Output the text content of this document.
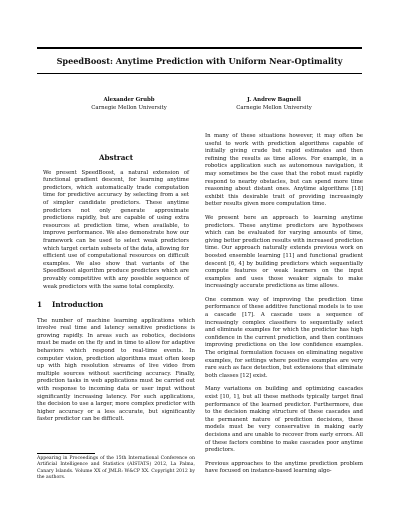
SpeedBoost: Anytime Prediction with Uniform Near-Optimality
Alexander Grubb
Carnegie Mellon University
J. Andrew Bagnell
Carnegie Mellon University
Abstract

We present SpeedBoost, a natural extension of functional gradient descent, for learning anytime predictors, which automatically trade computation time for predictive accuracy by selecting from a set of simpler candidate predictors. These anytime predictors not only generate approximate predictions rapidly, but are capable of using extra resources at prediction time, when available, to improve performance. We also demonstrate how our framework can be used to select weak predictors which target certain subsets of the data, allowing for efficient use of computational resources on difficult examples. We also show that variants of the SpeedBoost algorithm produce predictors which are provably competitive with any possible sequence of weak predictors with the same total complexity.

1 Introduction

The number of machine learning applications which involve real time and latency sensitive predictions is growing rapidly. In areas such as robotics, decisions must be made on the fly and in time to allow for adaptive behaviors which respond to real-time events. In computer vision, prediction algorithms must often keep up with high resolution streams of live video from multiple sources without sacrificing accuracy. Finally, prediction tasks in web applications must be carried out with response to incoming data or user input without significantly increasing latency. For such applications, the decision to use a larger, more complex predictor with higher accuracy or a less accurate, but significantly faster predictor can be difficult.

In many of these situations however, it may often be useful to work with prediction algorithms capable of initially giving crude but rapid estimates and then refining the results as time allows. For example, in a robotics application such as autonomous navigation, it may sometimes be the case that the robot must rapidly respond to nearby obstacles, but can spend more time reasoning about distant ones. Anytime algorithms [18] exhibit this desirable trait of providing increasingly better results given more computation time.

We present here an approach to learning anytime predictors. These anytime predictors are hypotheses which can be evaluated for varying amounts of time, giving better prediction results with increased prediction time. Our approach naturally extends previous work on boosted ensemble learning [11] and functional gradient descent [6, 4] by building predictors which sequentially compute features or weak learners on the input examples and uses those weaker signals to make increasingly accurate predictions as time allows.

One common way of improving the prediction time performance of these additive functional models is to use a cascade [17]. A cascade uses a sequence of increasingly complex classifiers to sequentially select and eliminate examples for which the predictor has high confidence in the current prediction, and then continues improving predictions on the low confidence examples. The original formulation focuses on eliminating negative examples, for settings where positive examples are very rare such as face detection, but extensions that eliminate both classes [12] exist.

Many variations on building and optimizing cascades exist [10, 1], but all these methods typically target final performance of the learned predictor. Furthermore, due to the decision making structure of these cascades and the permanent nature of prediction decisions, these models must be very conservative in making early decisions and are unable to recover from early errors. All of these factors combine to make cascades poor anytime predictors.

Previous approaches to the anytime prediction problem have focused on instance-based learning algo-

Appearing in Proceedings of the 15th International Conference on Artificial Intelligence and Statistics (AISTATS) 2012, La Palma, Canary Islands. Volume XX of JMLR: W&CP XX. Copyright 2012 by the authors.
